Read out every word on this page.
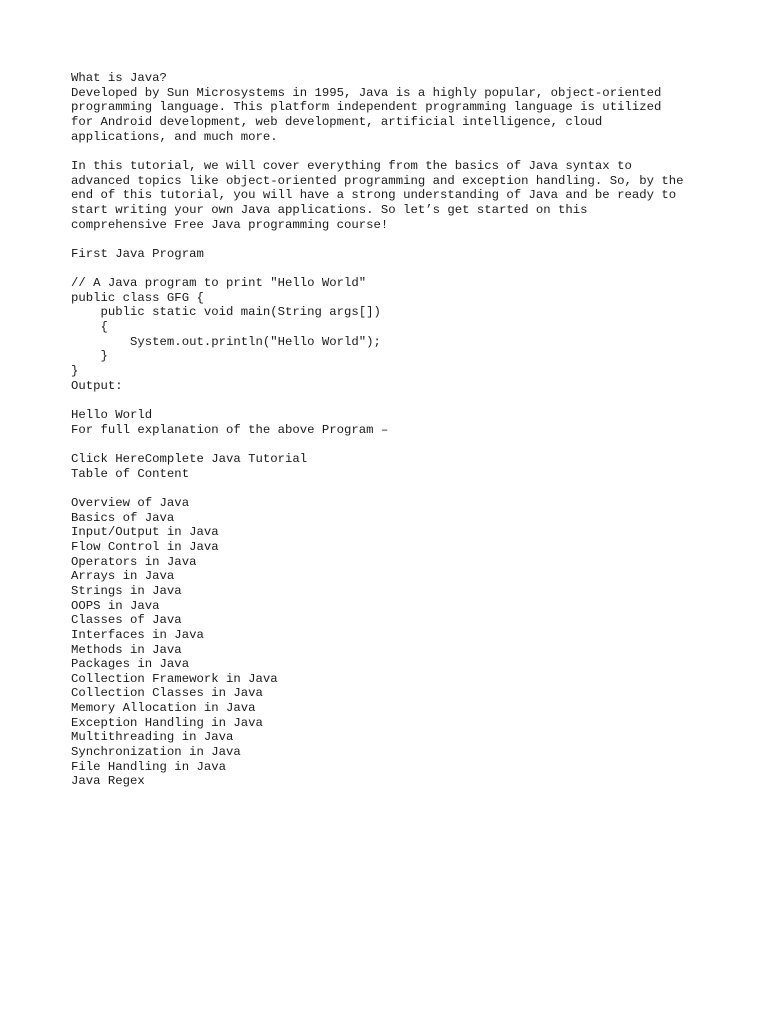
What is Java?
Developed by Sun Microsystems in 1995, Java is a highly popular, object-oriented
programming language. This platform independent programming language is utilized
for Android development, web development, artificial intelligence, cloud
applications, and much more.
In this tutorial, we will cover everything from the basics of Java syntax to
advanced topics like object-oriented programming and exception handling. So, by the
end of this tutorial, you will have a strong understanding of Java and be ready to
start writing your own Java applications. So let’s get started on this
comprehensive Free Java programming course!
First Java Program
// A Java program to print "Hello World"
public class GFG {
public static void main(String args[])
{
System.out.println("Hello World");
}
}
Output:
Hello World
For full explanation of the above Program –
Click HereComplete Java Tutorial
Table of Content
Overview of Java
Basics of Java
Input/Output in Java
Flow Control in Java
Operators in Java
Arrays in Java
Strings in Java
OOPS in Java
Classes of Java
Interfaces in Java
Methods in Java
Packages in Java
Collection Framework in Java
Collection Classes in Java
Memory Allocation in Java
Exception Handling in Java
Multithreading in Java
Synchronization in Java
File Handling in Java
Java Regex
